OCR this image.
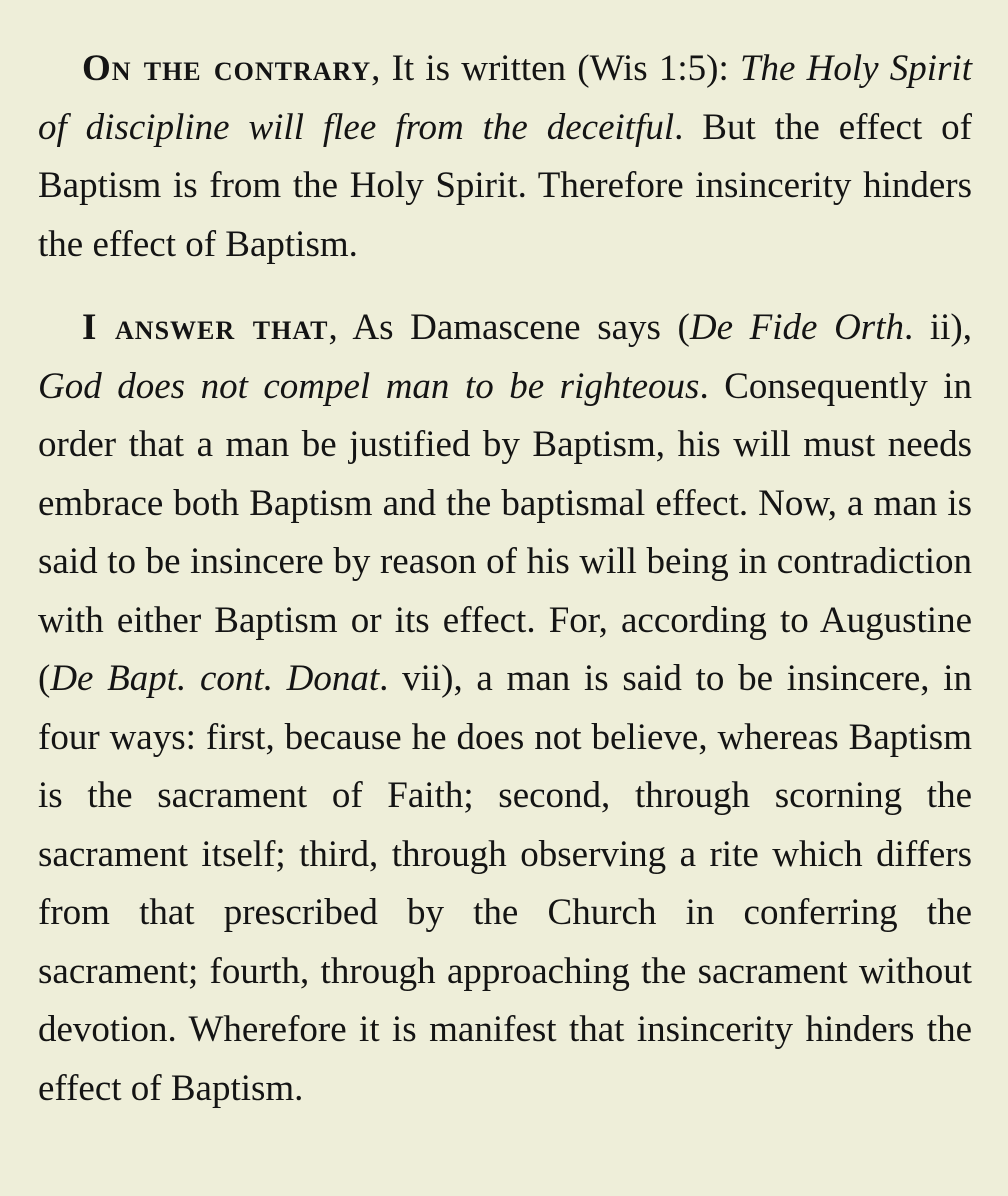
On the contrary, It is written (Wis 1:5): The Holy Spirit of discipline will flee from the deceitful. But the effect of Baptism is from the Holy Spirit. Therefore insincerity hinders the effect of Baptism.

I answer that, As Damascene says (De Fide Orth. ii), God does not compel man to be righteous. Consequently in order that a man be justified by Baptism, his will must needs embrace both Baptism and the baptismal effect. Now, a man is said to be insincere by reason of his will being in contradiction with either Baptism or its effect. For, according to Augustine (De Bapt. cont. Donat. vii), a man is said to be insincere, in four ways: first, because he does not believe, whereas Baptism is the sacrament of Faith; second, through scorning the sacrament itself; third, through observing a rite which differs from that prescribed by the Church in conferring the sacrament; fourth, through approaching the sacrament without devotion. Wherefore it is manifest that insincerity hinders the effect of Baptism.
